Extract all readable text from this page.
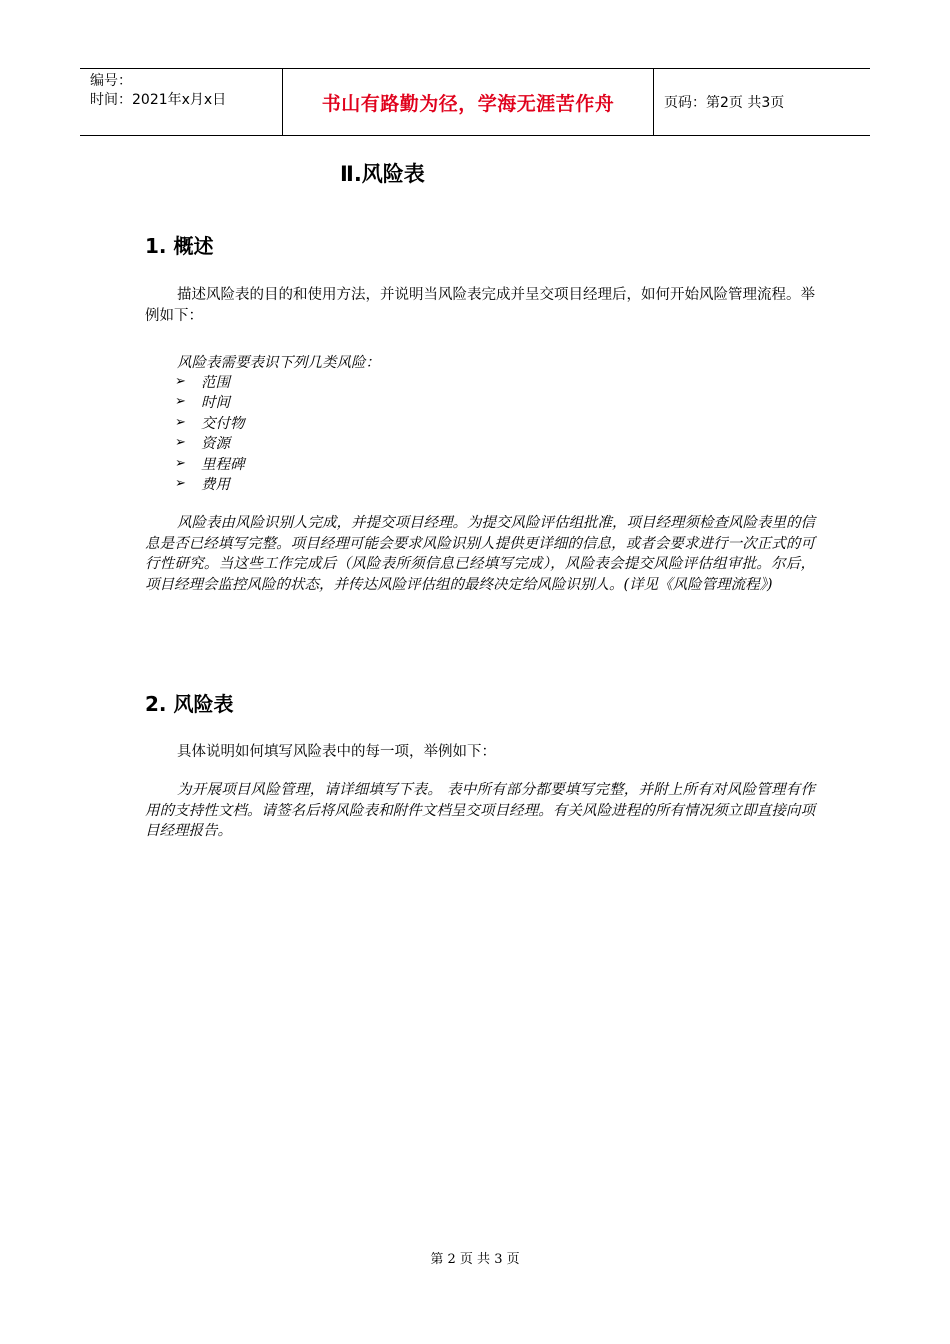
编号：
时间：2021年x月x日	书山有路勤为径，学海无涯苦作舟	页码：第2页 共3页
Ⅱ.风险表
1. 概述
描述风险表的目的和使用方法，并说明当风险表完成并呈交项目经理后，如何开始风险管理流程。举例如下：
风险表需要表识下列几类风险：
➢	范围
➢	时间
➢	交付物
➢	资源
➢	里程碑
➢	费用
风险表由风险识别人完成，并提交项目经理。为提交风险评估组批准，项目经理须检查风险表里的信息是否已经填写完整。项目经理可能会要求风险识别人提供更详细的信息，或者会要求进行一次正式的可行性研究。当这些工作完成后（风险表所须信息已经填写完成），风险表会提交风险评估组审批。尔后，项目经理会监控风险的状态，并传达风险评估组的最终决定给风险识别人。(详见《风险管理流程》)
2. 风险表
具体说明如何填写风险表中的每一项，举例如下：
为开展项目风险管理，请详细填写下表。 表中所有部分都要填写完整，并附上所有对风险管理有作用的支持性文档。请签名后将风险表和附件文档呈交项目经理。有关风险进程的所有情况须立即直接向项目经理报告。
第 2 页 共 3 页
